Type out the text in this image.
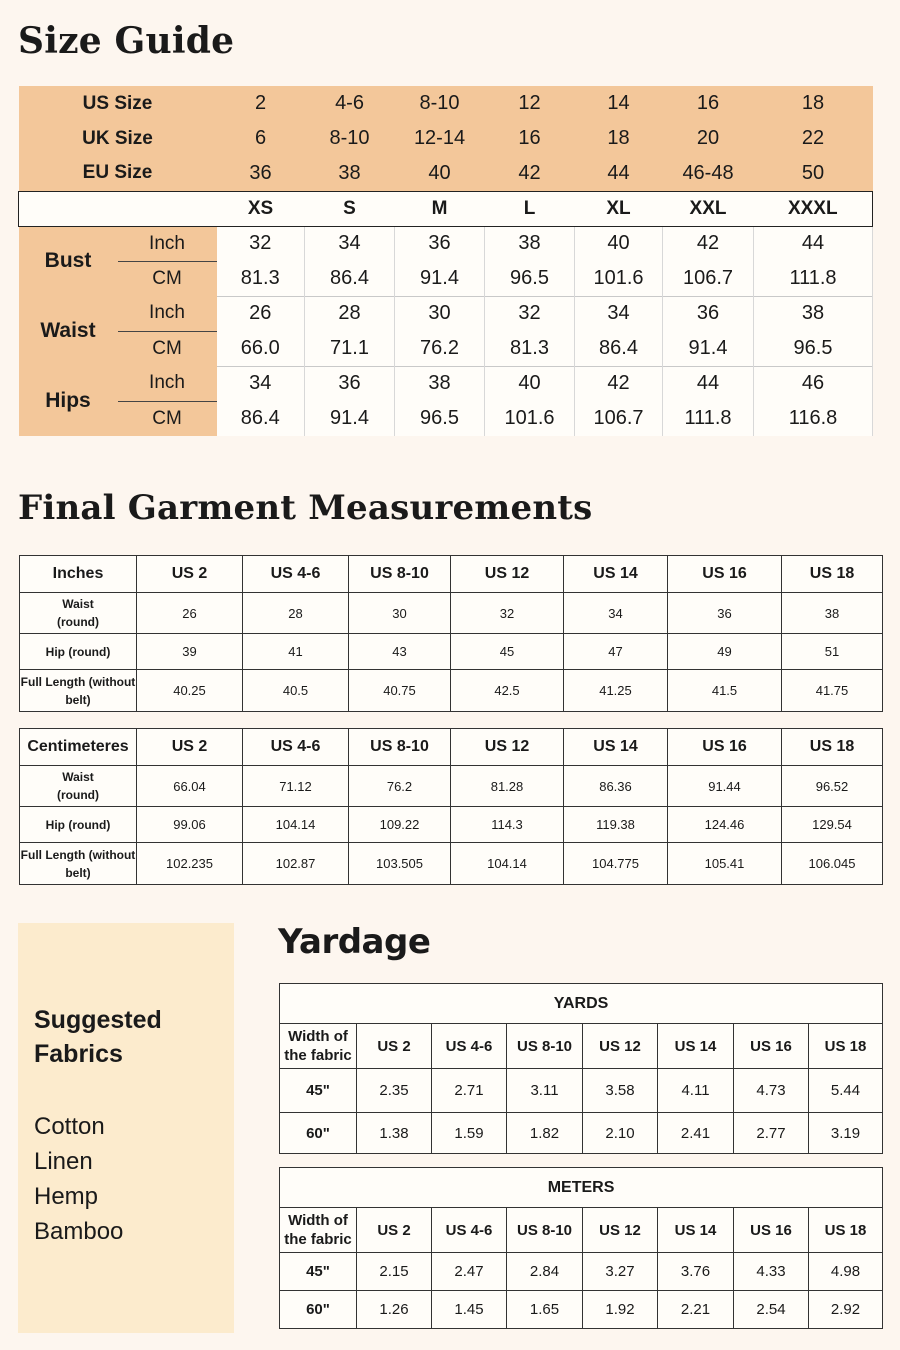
Size Guide
US Size		2	4-6	8-10	12	14	16	18
UK Size		6	8-10	12-14	16	18	20	22
EU Size		36	38	40	42	44	46-48	50
		XS	S	M	L	XL	XXL	XXXL
Bust	Inch	32	34	36	38	40	42	44
	CM	81.3	86.4	91.4	96.5	101.6	106.7	111.8
Waist	Inch	26	28	30	32	34	36	38
	CM	66.0	71.1	76.2	81.3	86.4	91.4	96.5
Hips	Inch	34	36	38	40	42	44	46
	CM	86.4	91.4	96.5	101.6	106.7	111.8	116.8
Final Garment Measurements
Inches	US 2	US 4-6	US 8-10	US 12	US 14	US 16	US 18

Waist
(round)	26	28	30	32	34	36	38

Hip (round)	39	41	43	45	47	49	51

Full Length (without
belt)	40.25	40.5	40.75	42.5	41.25	41.5	41.75
Centimeteres	US 2	US 4-6	US 8-10	US 12	US 14	US 16	US 18

Waist
(round)	66.04	71.12	76.2	81.28	86.36	91.44	96.52

Hip (round)	99.06	104.14	109.22	114.3	119.38	124.46	129.54

Full Length (without
belt)	102.235	102.87	103.505	104.14	104.775	105.41	106.045
Suggested
Fabrics
Cotton
Linen
Hemp
Bamboo
Yardage
YARDS							

Width of
the fabric	US 2	US 4-6	US 8-10	US 12	US 14	US 16	US 18
45"	2.35	2.71	3.11	3.58	4.11	4.73	5.44
60"	1.38	1.59	1.82	2.10	2.41	2.77	3.19
METERS							

Width of
the fabric	US 2	US 4-6	US 8-10	US 12	US 14	US 16	US 18
45"	2.15	2.47	2.84	3.27	3.76	4.33	4.98
60"	1.26	1.45	1.65	1.92	2.21	2.54	2.92
